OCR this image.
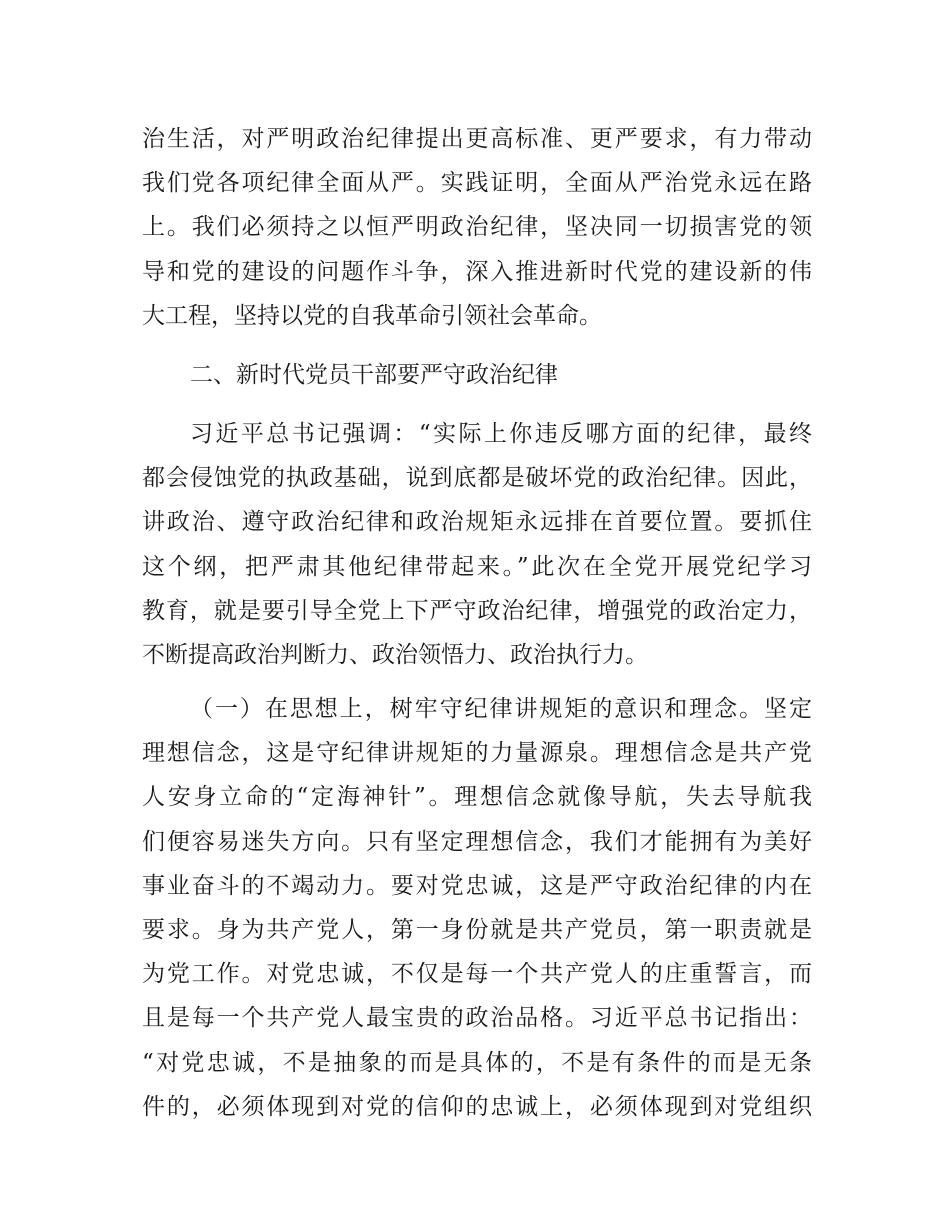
治生活，对严明政治纪律提出更高标准、更严要求，有力带动
我们党各项纪律全面从严。实践证明，全面从严治党永远在路
上。我们必须持之以恒严明政治纪律，坚决同一切损害党的领
导和党的建设的问题作斗争，深入推进新时代党的建设新的伟
大工程，坚持以党的自我革命引领社会革命。
二、新时代党员干部要严守政治纪律
习近平总书记强调：“实际上你违反哪方面的纪律，最终
都会侵蚀党的执政基础，说到底都是破坏党的政治纪律。因此，
讲政治、遵守政治纪律和政治规矩永远排在首要位置。要抓住
这个纲，把严肃其他纪律带起来。”此次在全党开展党纪学习
教育，就是要引导全党上下严守政治纪律，增强党的政治定力，
不断提高政治判断力、政治领悟力、政治执行力。
（一）在思想上，树牢守纪律讲规矩的意识和理念。坚定
理想信念，这是守纪律讲规矩的力量源泉。理想信念是共产党
人安身立命的“定海神针”。理想信念就像导航，失去导航我
们便容易迷失方向。只有坚定理想信念，我们才能拥有为美好
事业奋斗的不竭动力。要对党忠诚，这是严守政治纪律的内在
要求。身为共产党人，第一身份就是共产党员，第一职责就是
为党工作。对党忠诚，不仅是每一个共产党人的庄重誓言，而
且是每一个共产党人最宝贵的政治品格。习近平总书记指出：
“对党忠诚，不是抽象的而是具体的，不是有条件的而是无条
件的，必须体现到对党的信仰的忠诚上，必须体现到对党组织
